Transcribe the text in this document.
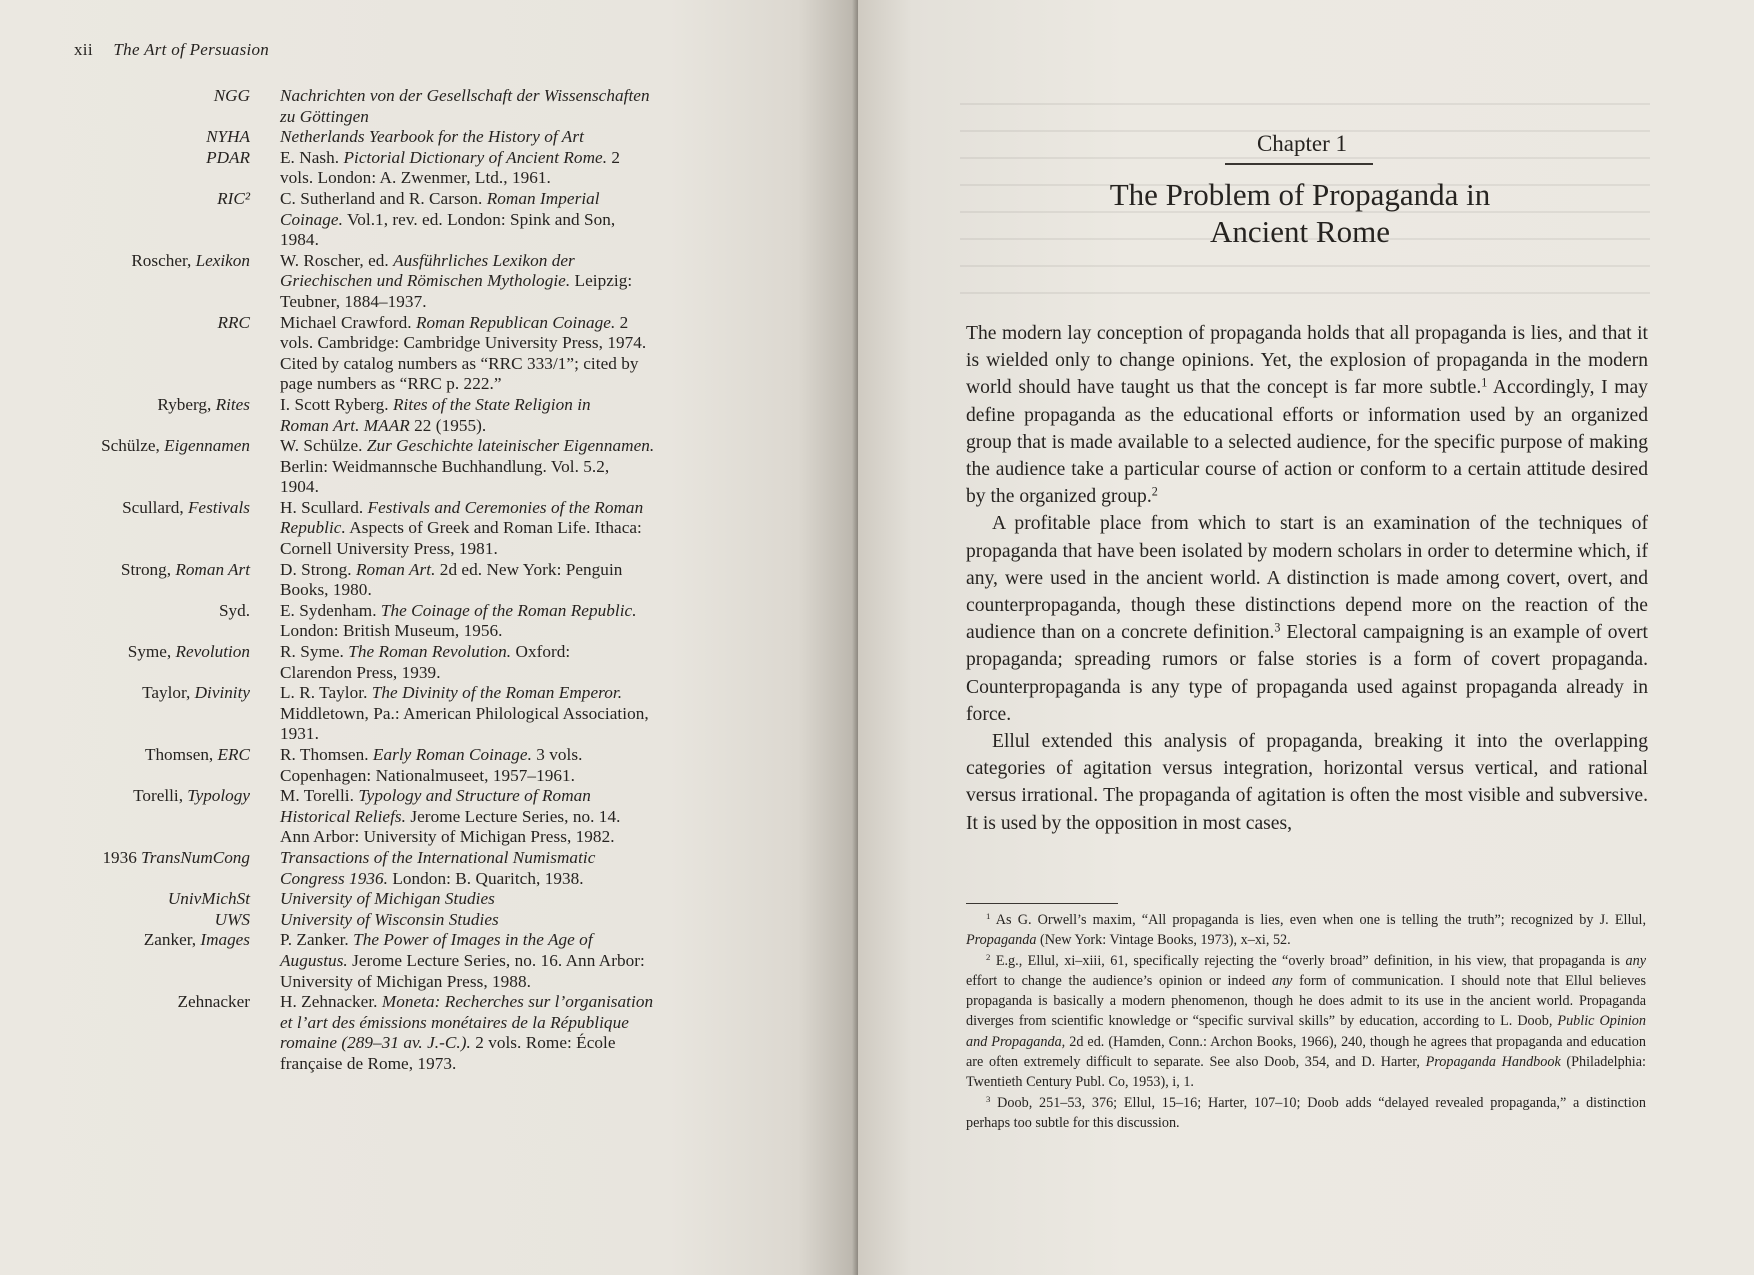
xii The Art of Persuasion
NGG	Nachrichten von der Gesellschaft der Wissenschaften
zu Göttingen
NYHA	Netherlands Yearbook for the History of Art
PDAR	E. Nash. Pictorial Dictionary of Ancient Rome. 2
vols. London: A. Zwenmer, Ltd., 1961.
RIC²	C. Sutherland and R. Carson. Roman Imperial
Coinage. Vol.1, rev. ed. London: Spink and Son,
1984.
Roscher, Lexikon	W. Roscher, ed. Ausführliches Lexikon der
Griechischen und Römischen Mythologie. Leipzig:
Teubner, 1884–1937.
RRC	Michael Crawford. Roman Republican Coinage. 2
vols. Cambridge: Cambridge University Press, 1974.
Cited by catalog numbers as “RRC 333/1”; cited by
page numbers as “RRC p. 222.”
Ryberg, Rites	I. Scott Ryberg. Rites of the State Religion in
Roman Art. MAAR 22 (1955).
Schülze, Eigennamen	W. Schülze. Zur Geschichte lateinischer Eigennamen.
Berlin: Weidmannsche Buchhandlung. Vol. 5.2,
1904.
Scullard, Festivals	H. Scullard. Festivals and Ceremonies of the Roman
Republic. Aspects of Greek and Roman Life. Ithaca:
Cornell University Press, 1981.
Strong, Roman Art	D. Strong. Roman Art. 2d ed. New York: Penguin
Books, 1980.
Syd.	E. Sydenham. The Coinage of the Roman Republic.
London: British Museum, 1956.
Syme, Revolution	R. Syme. The Roman Revolution. Oxford:
Clarendon Press, 1939.
Taylor, Divinity	L. R. Taylor. The Divinity of the Roman Emperor.
Middletown, Pa.: American Philological Association,
1931.
Thomsen, ERC	R. Thomsen. Early Roman Coinage. 3 vols.
Copenhagen: Nationalmuseet, 1957–1961.
Torelli, Typology	M. Torelli. Typology and Structure of Roman
Historical Reliefs. Jerome Lecture Series, no. 14.
Ann Arbor: University of Michigan Press, 1982.
1936 TransNumCong	Transactions of the International Numismatic
Congress 1936. London: B. Quaritch, 1938.
UnivMichSt	University of Michigan Studies
UWS	University of Wisconsin Studies
Zanker, Images	P. Zanker. The Power of Images in the Age of
Augustus. Jerome Lecture Series, no. 16. Ann Arbor:
University of Michigan Press, 1988.
Zehnacker	H. Zehnacker. Moneta: Recherches sur l’organisation
et l’art des émissions monétaires de la République
romaine (289–31 av. J.-C.). 2 vols. Rome: École
française de Rome, 1973.
Chapter 1
The Problem of Propaganda in
Ancient Rome

The modern lay conception of propaganda holds that all propaganda is lies, and that it is wielded only to change opinions. Yet, the explosion of propaganda in the modern world should have taught us that the concept is far more subtle.$^1$ Accordingly, I may define propaganda as the educational efforts or information used by an organized group that is made available to a selected audience, for the specific purpose of making the audience take a particular course of action or conform to a certain attitude desired by the organized group.$^2$

A profitable place from which to start is an examination of the techniques of propaganda that have been isolated by modern scholars in order to determine which, if any, were used in the ancient world. A distinction is made among covert, overt, and counterpropaganda, though these distinctions depend more on the reaction of the audience than on a concrete definition.$^3$ Electoral campaigning is an example of overt propaganda; spreading rumors or false stories is a form of covert propaganda. Counterpropaganda is any type of propaganda used against propaganda already in force.

Ellul extended this analysis of propaganda, breaking it into the overlapping categories of agitation versus integration, horizontal versus vertical, and rational versus irrational. The propaganda of agitation is often the most visible and subversive. It is used by the opposition in most cases,

$^1$ As G. Orwell’s maxim, “All propaganda is lies, even when one is telling the truth”; recognized by J. Ellul, Propaganda (New York: Vintage Books, 1973), x–xi, 52.

$^2$ E.g., Ellul, xi–xiii, 61, specifically rejecting the “overly broad” definition, in his view, that propaganda is any effort to change the audience’s opinion or indeed any form of communication. I should note that Ellul believes propaganda is basically a modern phenomenon, though he does admit to its use in the ancient world. Propaganda diverges from scientific knowledge or “specific survival skills” by education, according to L. Doob, Public Opinion and Propaganda, 2d ed. (Hamden, Conn.: Archon Books, 1966), 240, though he agrees that propaganda and education are often extremely difficult to separate. See also Doob, 354, and D. Harter, Propaganda Handbook (Philadelphia: Twentieth Century Publ. Co, 1953), i, 1.

$^3$ Doob, 251–53, 376; Ellul, 15–16; Harter, 107–10; Doob adds “delayed revealed propaganda,” a distinction perhaps too subtle for this discussion.
